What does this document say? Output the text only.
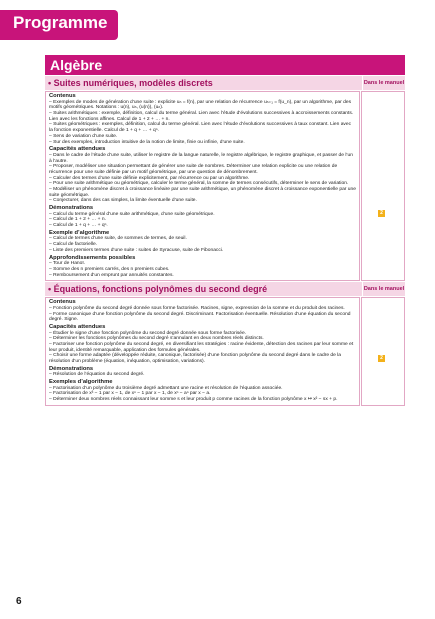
Programme
Algèbre
• Suites numériques, modèles discrets	Dans le manuel
Contenus
– Exemples de modes de génération d’une suite : explicite uₙ = f(n), par une relation de récurrence uₙ₊₁ = f(u_n), par un algorithme, par des motifs géométriques. Notations : u(n), uₙ, (u(n)), (uₙ).
– Suites arithmétiques : exemple, définition, calcul du terme général. Lien avec l’étude d’évolutions successives à accroissements constants. Lien avec les fonctions affines. Calcul de 1 + 2 + … + n.
– Suites géométriques : exemples, définition, calcul du terme général. Lien avec l’étude d’évolutions successives à taux constant. Lien avec la fonction exponentielle. Calcul de 1 + q + … + qⁿ.
– Sens de variation d’une suite.
– Sur des exemples, introduction intuitive de la notion de limite, finie ou infinie, d’une suite.
Capacités attendues
– Dans le cadre de l’étude d’une suite, utiliser le registre de la langue naturelle, le registre algébrique, le registre graphique, et passer de l’un à l’autre.
– Proposer, modéliser une situation permettant de générer une suite de nombres. Déterminer une relation explicite ou une relation de récurrence pour une suite définie par un motif géométrique, par une question de dénombrement.
– Calculer des termes d’une suite définie explicitement, par récurrence ou par un algorithme.
– Pour une suite arithmétique ou géométrique, calculer le terme général, la somme de termes consécutifs, déterminer le sens de variation.
– Modéliser un phénomène discret à croissance linéaire par une suite arithmétique, un phénomène discret à croissance exponentielle par une suite géométrique.
– Conjecturer, dans des cas simples, la limite éventuelle d’une suite.
Démonstrations
– Calcul du terme général d’une suite arithmétique, d’une suite géométrique.
– Calcul de 1 + 2 + … + n.
– Calcul de 1 + q + … + qⁿ.
Exemple d’algorithme
– Calcul de termes d’une suite, de sommes de termes, de seuil.
– Calcul de factorielle.
– Liste des premiers termes d’une suite : suites de Syracuse, suite de Fibonacci.
Approfondissements possibles
– Tour de Hanoï.
– Somme des n premiers carrés, des n premiers cubes.
– Remboursement d’un emprunt par annuités constantes.
2
• Équations, fonctions polynômes du second degré	Dans le manuel
Contenus
– Fonction polynôme du second degré donnée sous forme factorisée. Racines, signe, expression de la somme et du produit des racines.
– Forme canonique d’une fonction polynôme du second degré. Discriminant. Factorisation éventuelle. Résolution d’une équation du second degré. Signe.
Capacités attendues
– Étudier le signe d’une fonction polynôme du second degré donnée sous forme factorisée.
– Déterminer les fonctions polynômes du second degré s’annulant en deux nombres réels distincts.
– Factoriser une fonction polynôme du second degré, en diversifiant les stratégies : racine évidente, détection des racines par leur somme et leur produit, identité remarquable, application des formules générales.
– Choisir une forme adaptée (développée réduite, canonique, factorisée) d’une fonction polynôme du second degré dans le cadre de la résolution d’un problème (équation, inéquation, optimisation, variations).
Démonstrations
– Résolution de l’équation du second degré.
Exemples d’algorithme
– Factorisation d’un polynôme du troisième degré admettant une racine et résolution de l’équation associée.
– Factorisation de x³ − 1 par x − 1, de xⁿ − 1 par x − 1, de xⁿ − aⁿ par x − a.
– Déterminer deux nombres réels connaissant leur somme s et leur produit p comme racines de la fonction polynôme x ↦ x² − sx + p.
2
6
